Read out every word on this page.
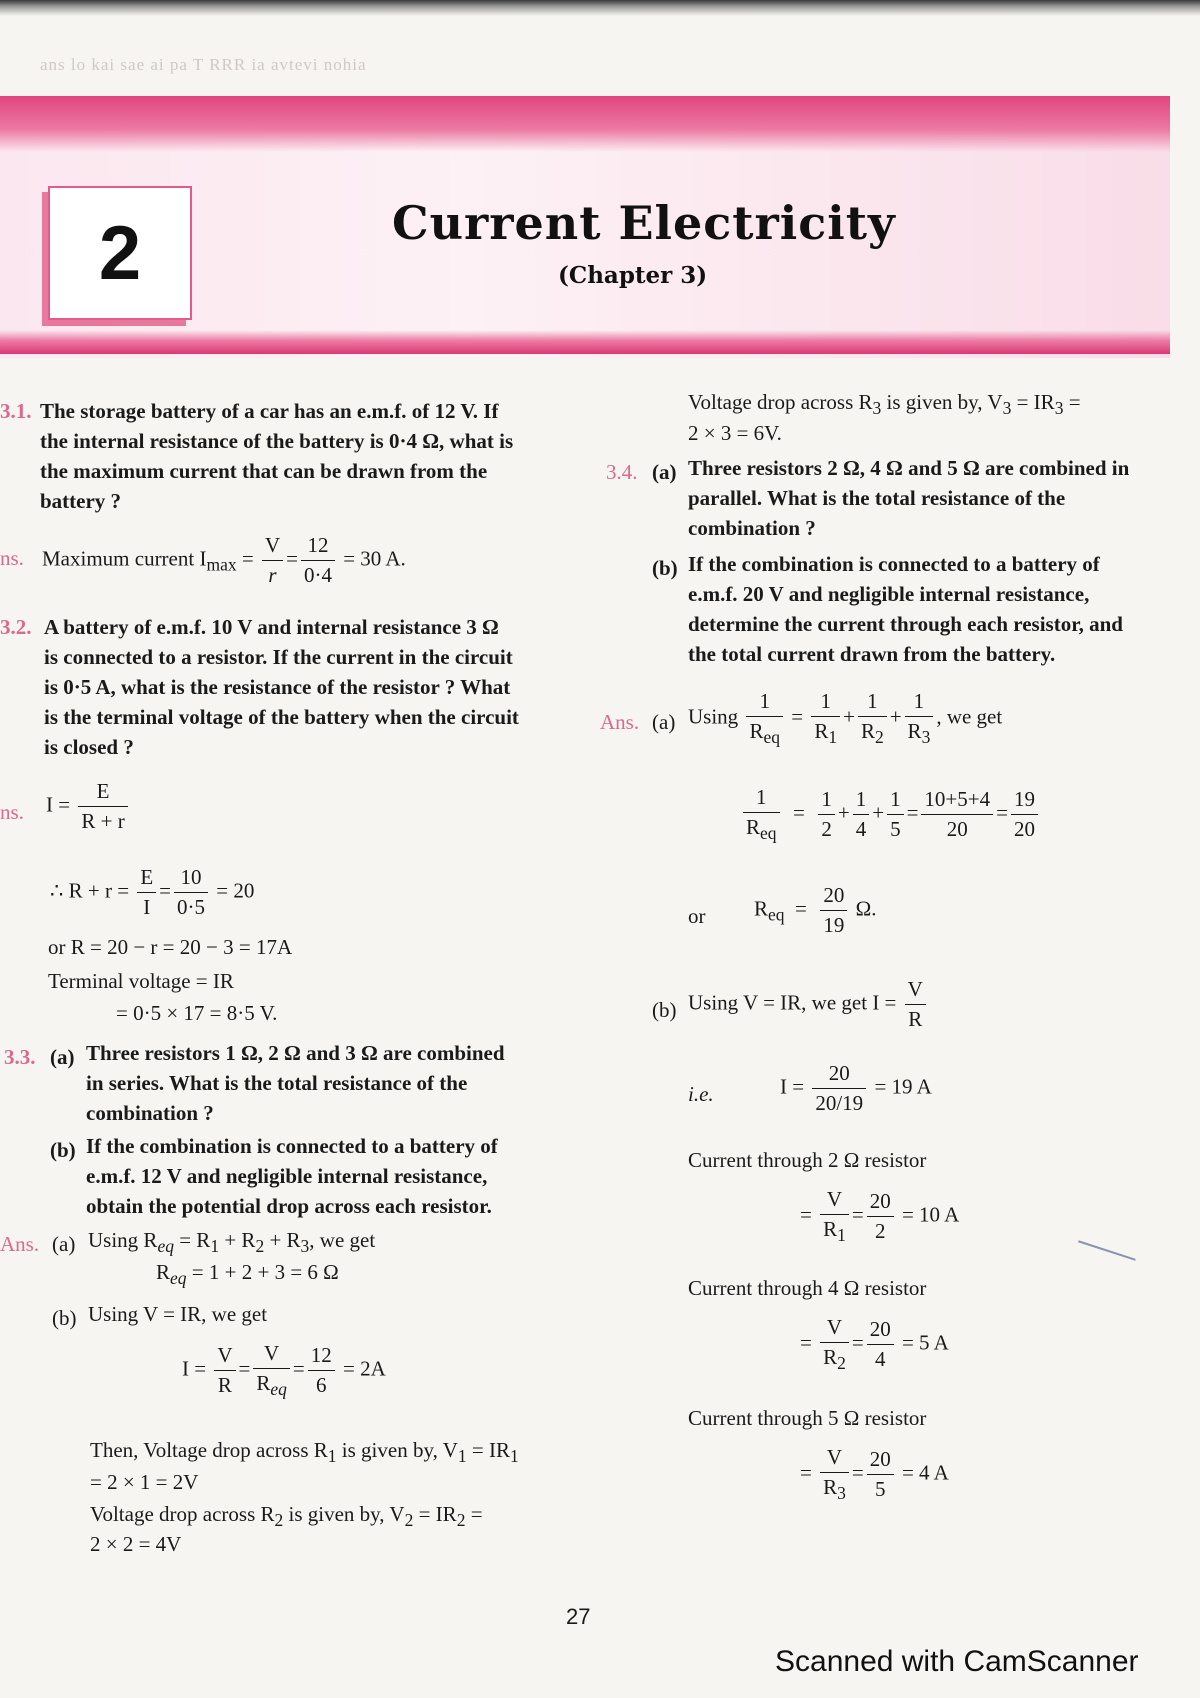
ans lo kai sae ai pa T RRR ia avtevi nohia
2	Current Electricity
(Chapter 3)
3.1. The storage battery of a car has an e.m.f. of 12 V. If
the internal resistance of the battery is 0·4 Ω, what is
the maximum current that can be drawn from the
battery ?
ns. Maximum current $I_{max} = \frac{V}{r} = \frac{12}{0\cdot 4} = 30$ A.
3.2. A battery of e.m.f. 10 V and internal resistance 3 Ω
is connected to a resistor. If the current in the circuit
is 0·5 A, what is the resistance of the resistor ? What
is the terminal voltage of the battery when the circuit
is closed ?
ns. $I = \frac{E}{R + r}$
∴ $R + r = \frac{E}{I} = \frac{10}{0\cdot 5} = 20$
or R = 20 − r = 20 − 3 = 17A
Terminal voltage = IR
= 0·5 × 17 = 8·5 V.
3.3. (a) Three resistors 1 Ω, 2 Ω and 3 Ω are combined
in series. What is the total resistance of the
combination ?
(b) If the combination is connected to a battery of
e.m.f. 12 V and negligible internal resistance,
obtain the potential drop across each resistor.
Ans. (a) Using $R_{eq} = R_1 + R_2 + R_3$, we get
$R_{eq} = 1 + 2 + 3 = 6$ Ω
(b) Using V = IR, we get
$I = \frac{V}{R} = \frac{V}{R_{eq}} = \frac{12}{6} = 2A$
Then, Voltage drop across $R_1$ is given by, $V_1 = IR_1$
= 2 × 1 = 2V
Voltage drop across $R_2$ is given by, $V_2 = IR_2$ =
2 × 2 = 4V
Voltage drop across $R_3$ is given by, $V_3 = IR_3$ =
2 × 3 = 6V.
3.4. (a) Three resistors 2 Ω, 4 Ω and 5 Ω are combined in
parallel. What is the total resistance of the
combination ?
(b) If the combination is connected to a battery of
e.m.f. 20 V and negligible internal resistance,
determine the current through each resistor, and
the total current drawn from the battery.
Ans. (a) Using $\frac{1}{R_{eq}} = \frac{1}{R_1} + \frac{1}{R_2} + \frac{1}{R_3}$ , we get
$\frac{1}{R_{eq}} = \frac{1}{2} + \frac{1}{4} + \frac{1}{5} = \frac{10+5+4}{20} = \frac{19}{20}$
or $R_{eq} = \frac{20}{19} \Omega$.
(b) Using V = IR, we get $I = \frac{V}{R}$
i.e.	$I = \frac{20}{20/19} = 19$ A
Current through 2 Ω resistor
= $\frac{V}{R_1} = \frac{20}{2} = 10$ A
Current through 4 Ω resistor
= $\frac{V}{R_2} = \frac{20}{4} = 5$ A
Current through 5 Ω resistor
= $\frac{V}{R_3} = \frac{20}{5} = 4$ A
27
Scanned with CamScanner
